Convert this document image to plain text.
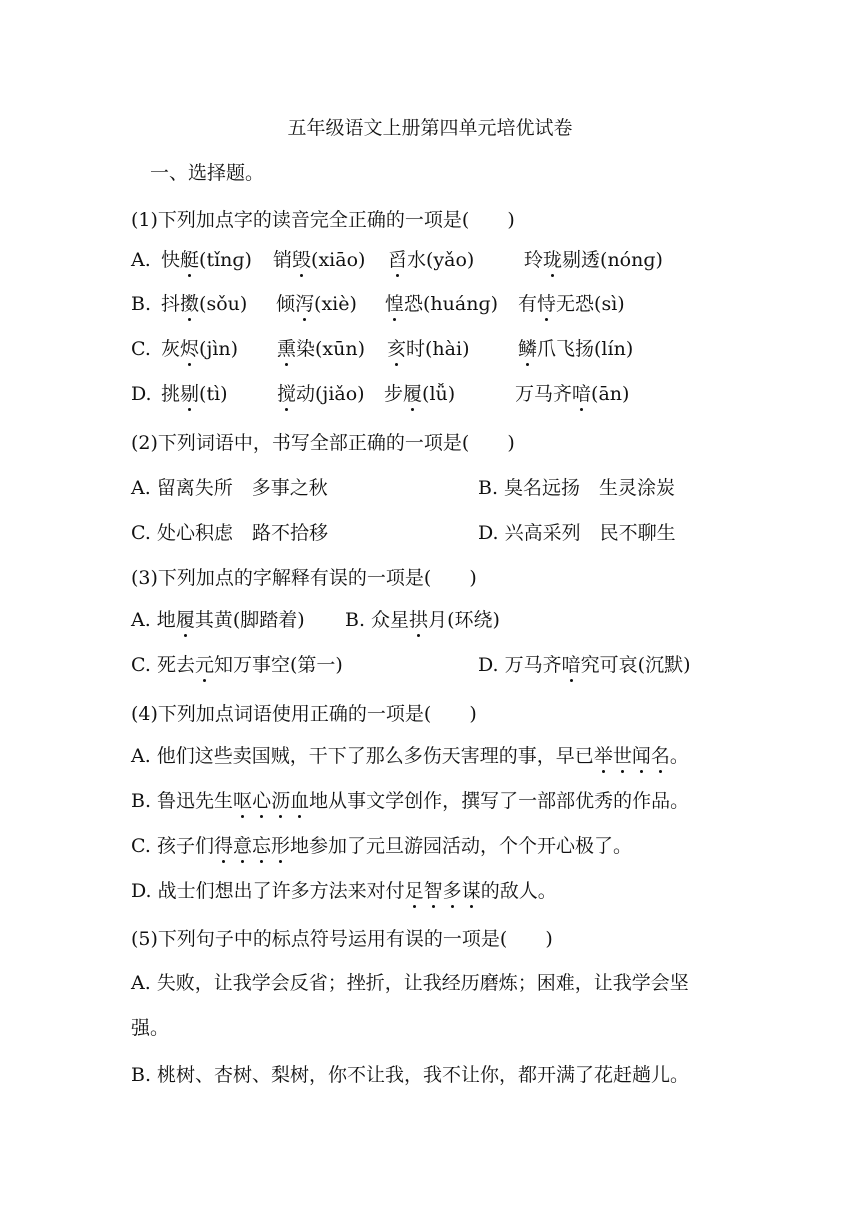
五年级语文上册第四单元培优试卷
一、选择题。
(1)下列加点字的读音完全正确的一项是(　　)
A. 快艇(tǐnɡ) 销毁(xiāo) 舀水(yǎo)	玲珑剔透(nónɡ)
B. 抖擞(sǒu) 倾泻(xiè) 惶恐(huánɡ) 有恃无恐(sì)
C. 灰烬(jìn) 熏染(xūn) 亥时(hài)	鳞爪飞扬(lín)
D. 挑剔(tì)	搅动(jiǎo) 步履(lǚ)	万马齐喑(ān)
(2)下列词语中，书写全部正确的一项是(　　)
A. 留离失所　多事之秋	B. 臭名远扬　生灵涂炭
C. 处心积虑　路不拾移	D. 兴高采列　民不聊生
(3)下列加点的字解释有误的一项是(　　)
A. 地履其黄(脚踏着) B. 众星拱月(环绕)
C. 死去元知万事空(第一)	D. 万马齐喑究可哀(沉默)
(4)下列加点词语使用正确的一项是(　　)
A. 他们这些卖国贼，干下了那么多伤天害理的事，早已举世闻名。
B. 鲁迅先生呕心沥血地从事文学创作，撰写了一部部优秀的作品。
C. 孩子们得意忘形地参加了元旦游园活动，个个开心极了。
D. 战士们想出了许多方法来对付足智多谋的敌人。
(5)下列句子中的标点符号运用有误的一项是(　　)
A. 失败，让我学会反省；挫折，让我经历磨炼；困难，让我学会坚
强。
B. 桃树、杏树、梨树，你不让我，我不让你，都开满了花赶趟儿。
